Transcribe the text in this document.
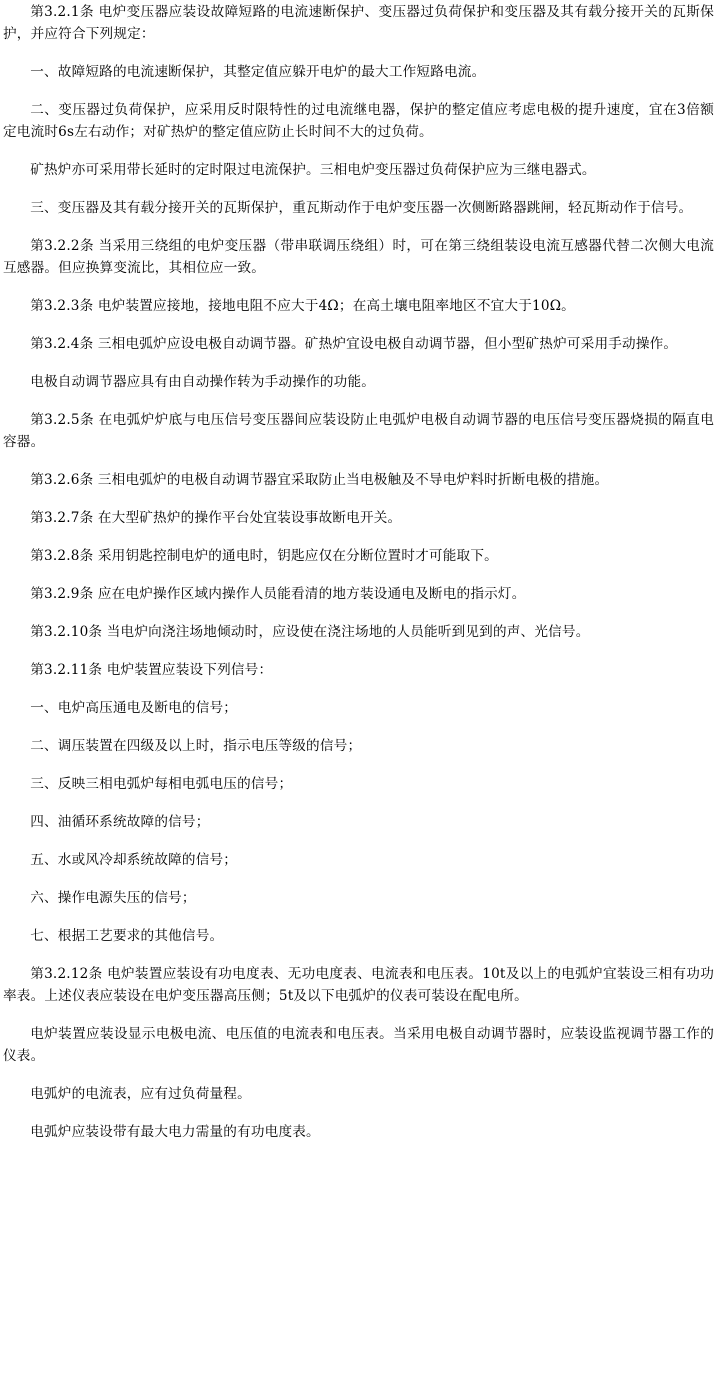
第3.2.1条 电炉变压器应装设故障短路的电流速断保护、变压器过负荷保护和变压器及其有载分接开关的瓦斯保护，并应符合下列规定：

一、故障短路的电流速断保护，其整定值应躲开电炉的最大工作短路电流。

二、变压器过负荷保护，应采用反时限特性的过电流继电器，保护的整定值应考虑电极的提升速度，宜在3倍额定电流时6s左右动作；对矿热炉的整定值应防止长时间不大的过负荷。

矿热炉亦可采用带长延时的定时限过电流保护。三相电炉变压器过负荷保护应为三继电器式。

三、变压器及其有载分接开关的瓦斯保护，重瓦斯动作于电炉变压器一次侧断路器跳闸，轻瓦斯动作于信号。

第3.2.2条 当采用三绕组的电炉变压器（带串联调压绕组）时，可在第三绕组装设电流互感器代替二次侧大电流互感器。但应换算变流比，其相位应一致。

第3.2.3条 电炉装置应接地，接地电阻不应大于4Ω；在高土壤电阻率地区不宜大于10Ω。

第3.2.4条 三相电弧炉应设电极自动调节器。矿热炉宜设电极自动调节器，但小型矿热炉可采用手动操作。

电极自动调节器应具有由自动操作转为手动操作的功能。

第3.2.5条 在电弧炉炉底与电压信号变压器间应装设防止电弧炉电极自动调节器的电压信号变压器烧损的隔直电容器。

第3.2.6条 三相电弧炉的电极自动调节器宜采取防止当电极触及不导电炉料时折断电极的措施。

第3.2.7条 在大型矿热炉的操作平台处宜装设事故断电开关。

第3.2.8条 采用钥匙控制电炉的通电时，钥匙应仅在分断位置时才可能取下。

第3.2.9条 应在电炉操作区域内操作人员能看清的地方装设通电及断电的指示灯。

第3.2.10条 当电炉向浇注场地倾动时，应设使在浇注场地的人员能听到见到的声、光信号。

第3.2.11条 电炉装置应装设下列信号：

一、电炉高压通电及断电的信号；

二、调压装置在四级及以上时，指示电压等级的信号；

三、反映三相电弧炉每相电弧电压的信号；

四、油循环系统故障的信号；

五、水或风冷却系统故障的信号；

六、操作电源失压的信号；

七、根据工艺要求的其他信号。

第3.2.12条 电炉装置应装设有功电度表、无功电度表、电流表和电压表。10t及以上的电弧炉宜装设三相有功功率表。上述仪表应装设在电炉变压器高压侧；5t及以下电弧炉的仪表可装设在配电所。

电炉装置应装设显示电极电流、电压值的电流表和电压表。当采用电极自动调节器时，应装设监视调节器工作的仪表。

电弧炉的电流表，应有过负荷量程。

电弧炉应装设带有最大电力需量的有功电度表。
